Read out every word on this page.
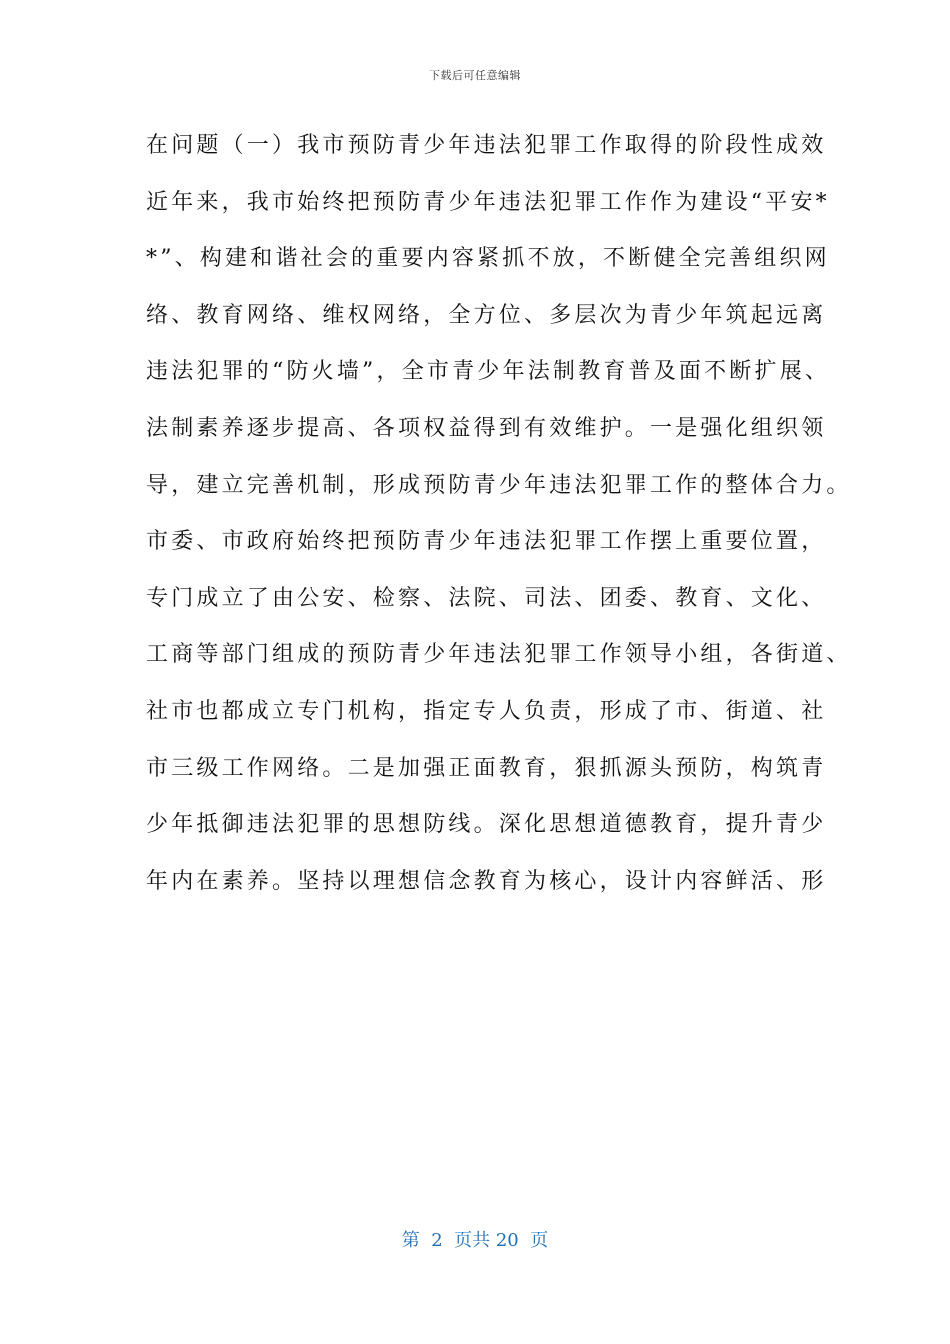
下载后可任意编辑
在问题（一）我市预防青少年违法犯罪工作取得的阶段性成效
近年来，我市始终把预防青少年违法犯罪工作作为建设“平安*
*”、构建和谐社会的重要内容紧抓不放，不断健全完善组织网
络、教育网络、维权网络，全方位、多层次为青少年筑起远离
违法犯罪的“防火墙”，全市青少年法制教育普及面不断扩展、
法制素养逐步提高、各项权益得到有效维护。一是强化组织领
导，建立完善机制，形成预防青少年违法犯罪工作的整体合力。
市委、市政府始终把预防青少年违法犯罪工作摆上重要位置，
专门成立了由公安、检察、法院、司法、团委、教育、文化、
工商等部门组成的预防青少年违法犯罪工作领导小组，各街道、
社市也都成立专门机构，指定专人负责，形成了市、街道、社
市三级工作网络。二是加强正面教育，狠抓源头预防，构筑青
少年抵御违法犯罪的思想防线。深化思想道德教育，提升青少
年内在素养。坚持以理想信念教育为核心，设计内容鲜活、形
第  2  页共 20  页
